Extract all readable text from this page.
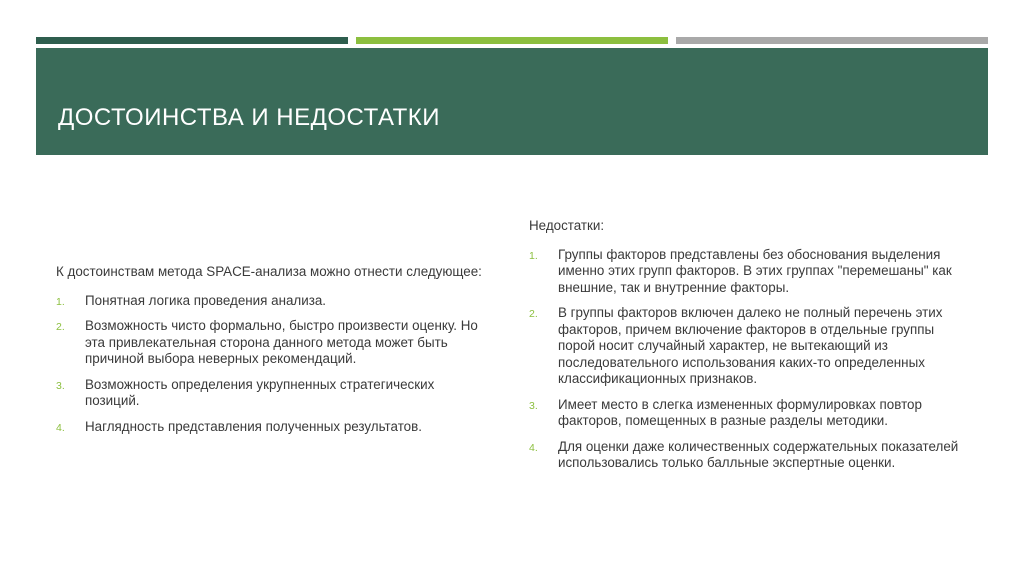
ДОСТОИНСТВА И НЕДОСТАТКИ

К достоинствам метода SPACE-анализа можно отнести следующее:

1. Понятная логика проведения анализа.
2. Возможность чисто формально, быстро произвести оценку. Но эта привлекательная сторона данного метода может быть причиной выбора неверных рекомендаций.
3. Возможность определения укрупненных стратегических позиций.
4. Наглядность представления полученных результатов.

Недостатки:

1. Группы факторов представлены без обоснования выделения именно этих групп факторов. В этих группах "перемешаны" как внешние, так и внутренние факторы.
2. В группы факторов включен далеко не полный перечень этих факторов, причем включение факторов в отдельные группы порой носит случайный характер, не вытекающий из последовательного использования каких-то определенных классификационных признаков.
3. Имеет место в слегка измененных формулировках повтор факторов, помещенных в разные разделы методики.
4. Для оценки даже количественных содержательных показателей использовались только балльные экспертные оценки.
